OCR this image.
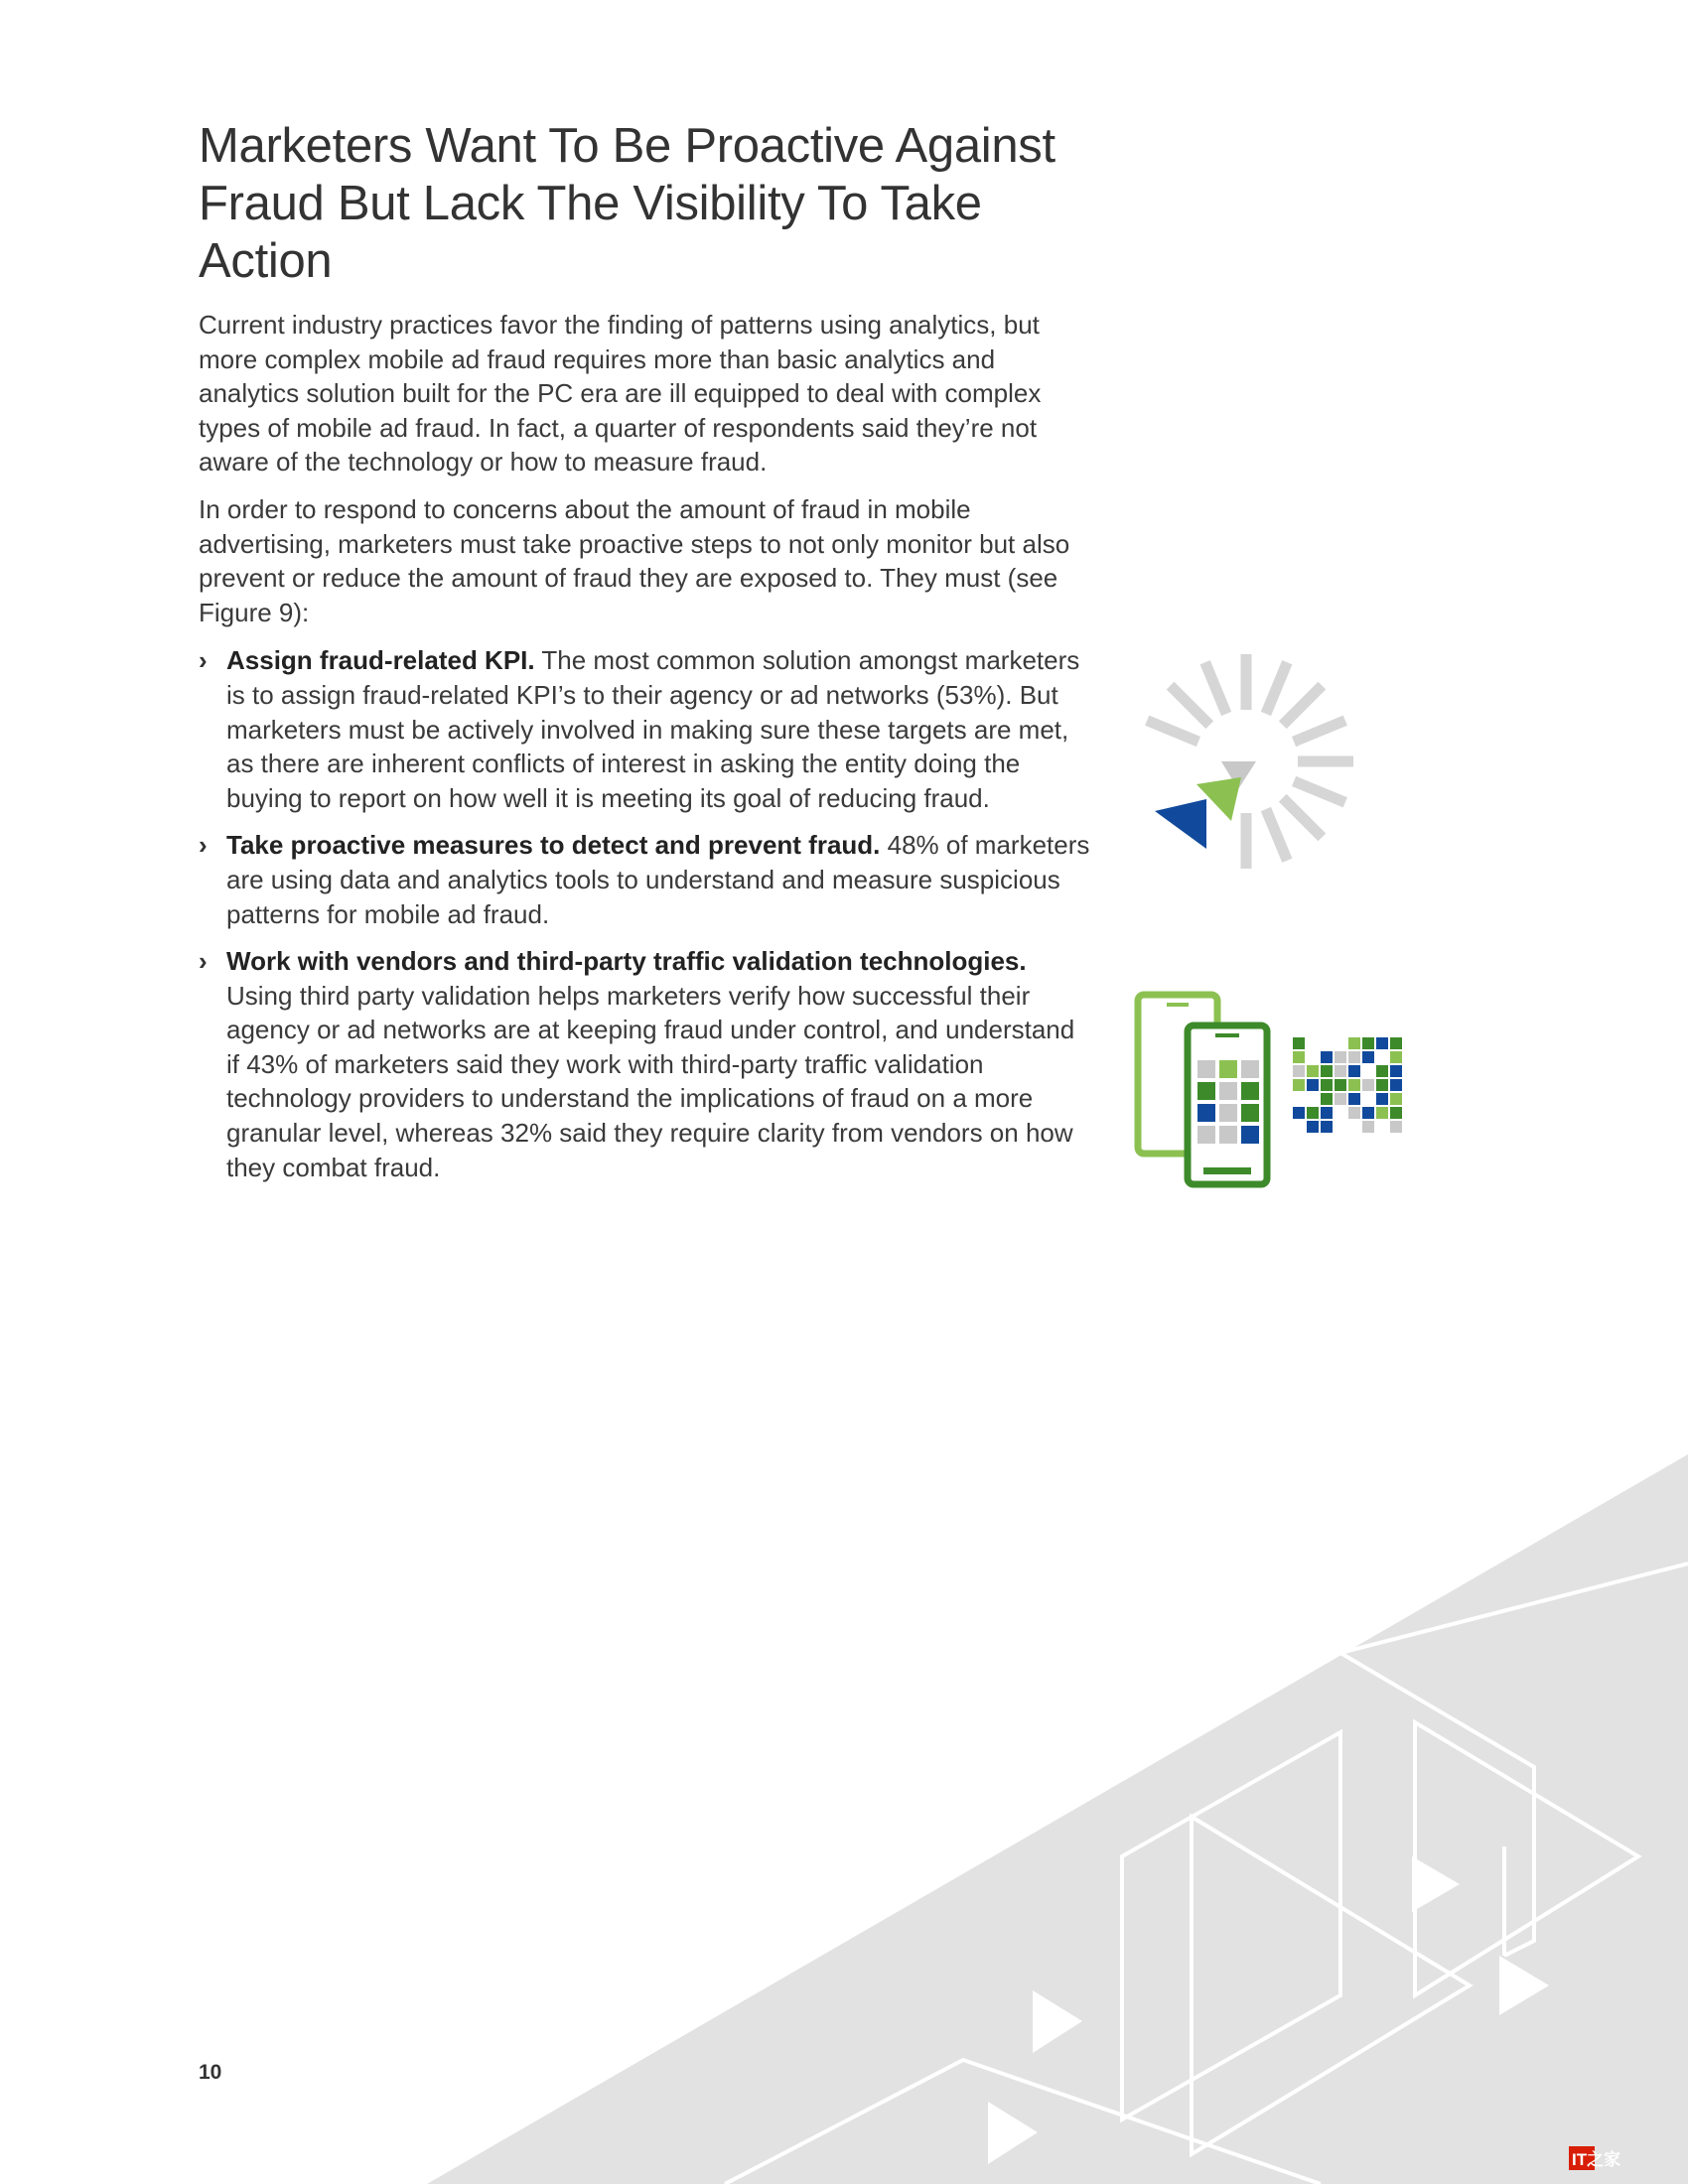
Marketers Want To Be Proactive Against Fraud But Lack The Visibility To Take Action

Current industry practices favor the finding of patterns using analytics, but more complex mobile ad fraud requires more than basic analytics and analytics solution built for the PC era are ill equipped to deal with complex types of mobile ad fraud. In fact, a quarter of respondents said they’re not aware of the technology or how to measure fraud.

In order to respond to concerns about the amount of fraud in mobile advertising, marketers must take proactive steps to not only monitor but also prevent or reduce the amount of fraud they are exposed to. They must (see Figure 9):

› Assign fraud-related KPI. The most common solution amongst marketers is to assign fraud-related KPI’s to their agency or ad networks (53%). But marketers must be actively involved in making sure these targets are met, as there are inherent conflicts of interest in asking the entity doing the buying to report on how well it is meeting its goal of reducing fraud.
› Take proactive measures to detect and prevent fraud. 48% of marketers are using data and analytics tools to understand and measure suspicious patterns for mobile ad fraud.
› Work with vendors and third-party traffic validation technologies. Using third party validation helps marketers verify how successful their agency or ad networks are at keeping fraud under control, and understand if 43% of marketers said they work with third-party traffic validation technology providers to understand the implications of fraud on a more granular level, whereas 32% said they require clarity from vendors on how they combat fraud.
IT之家
10
